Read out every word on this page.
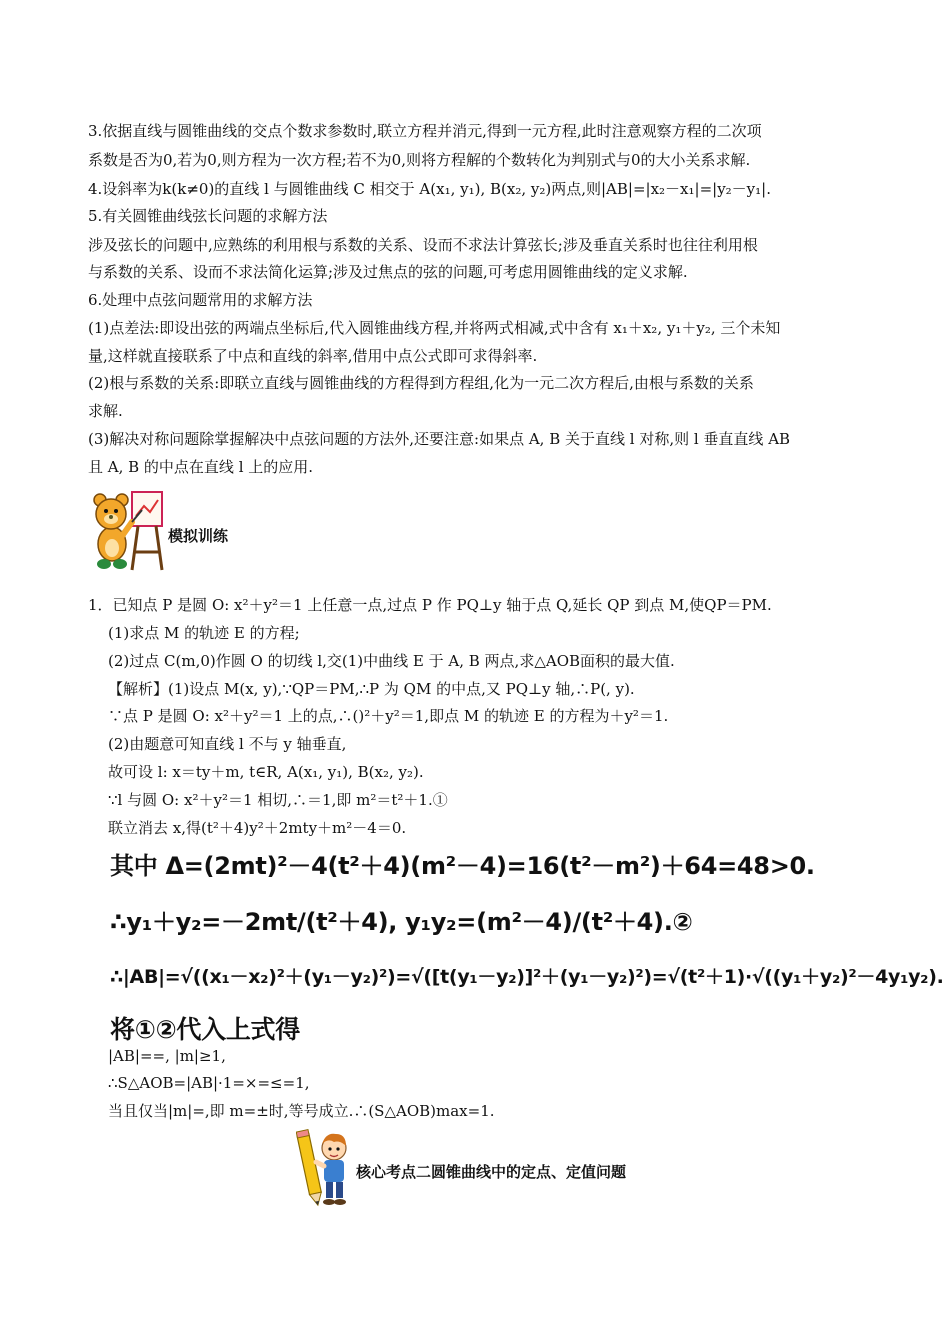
3.依据直线与圆锥曲线的交点个数求参数时,联立方程并消元,得到一元方程,此时注意观察方程的二次项
系数是否为0,若为0,则方程为一次方程;若不为0,则将方程解的个数转化为判别式与0的大小关系求解.
4.设斜率为k(k≠0)的直线 l 与圆锥曲线 C 相交于 A(x₁, y₁), B(x₂, y₂)两点,则|AB|=|x₂－x₁|=|y₂－y₁|.
5.有关圆锥曲线弦长问题的求解方法
涉及弦长的问题中,应熟练的利用根与系数的关系、设而不求法计算弦长;涉及垂直关系时也往往利用根
与系数的关系、设而不求法简化运算;涉及过焦点的弦的问题,可考虑用圆锥曲线的定义求解.
6.处理中点弦问题常用的求解方法
(1)点差法:即设出弦的两端点坐标后,代入圆锥曲线方程,并将两式相减,式中含有 x₁＋x₂, y₁＋y₂, 三个未知
量,这样就直接联系了中点和直线的斜率,借用中点公式即可求得斜率.
(2)根与系数的关系:即联立直线与圆锥曲线的方程得到方程组,化为一元二次方程后,由根与系数的关系
求解.
(3)解决对称问题除掌握解决中点弦问题的方法外,还要注意:如果点 A, B 关于直线 l 对称,则 l 垂直直线 AB
且 A, B 的中点在直线 l 上的应用.
模拟训练
1．已知点 P 是圆 O: x²＋y²＝1 上任意一点,过点 P 作 PQ⊥y 轴于点 Q,延长 QP 到点 M,使QP＝PM.
(1)求点 M 的轨迹 E 的方程;
(2)过点 C(m,0)作圆 O 的切线 l,交(1)中曲线 E 于 A, B 两点,求△AOB面积的最大值.
【解析】(1)设点 M(x, y),∵QP＝PM,∴P 为 QM 的中点,又 PQ⊥y 轴,∴P(, y).
∵点 P 是圆 O: x²＋y²＝1 上的点,∴()²＋y²＝1,即点 M 的轨迹 E 的方程为＋y²＝1.
(2)由题意可知直线 l 不与 y 轴垂直,
故可设 l: x＝ty＋m, t∈R, A(x₁, y₁), B(x₂, y₂).
∵l 与圆 O: x²＋y²＝1 相切,∴＝1,即 m²＝t²＋1.①
联立消去 x,得(t²＋4)y²＋2mty＋m²－4＝0.
其中 Δ=(2mt)²－4(t²＋4)(m²－4)=16(t²－m²)＋64=48>0.
∴y₁＋y₂=－2mt/(t²＋4), y₁y₂=(m²－4)/(t²＋4).②
∴|AB|=√((x₁－x₂)²＋(y₁－y₂)²)=√([t(y₁－y₂)]²＋(y₁－y₂)²)=√(t²＋1)·√((y₁＋y₂)²－4y₁y₂).
将①②代入上式得
|AB|==, |m|≥1,
∴S△AOB=|AB|·1=×=≤=1,
当且仅当|m|=,即 m=±时,等号成立.∴(S△AOB)max=1.
核心考点二圆锥曲线中的定点、定值问题
